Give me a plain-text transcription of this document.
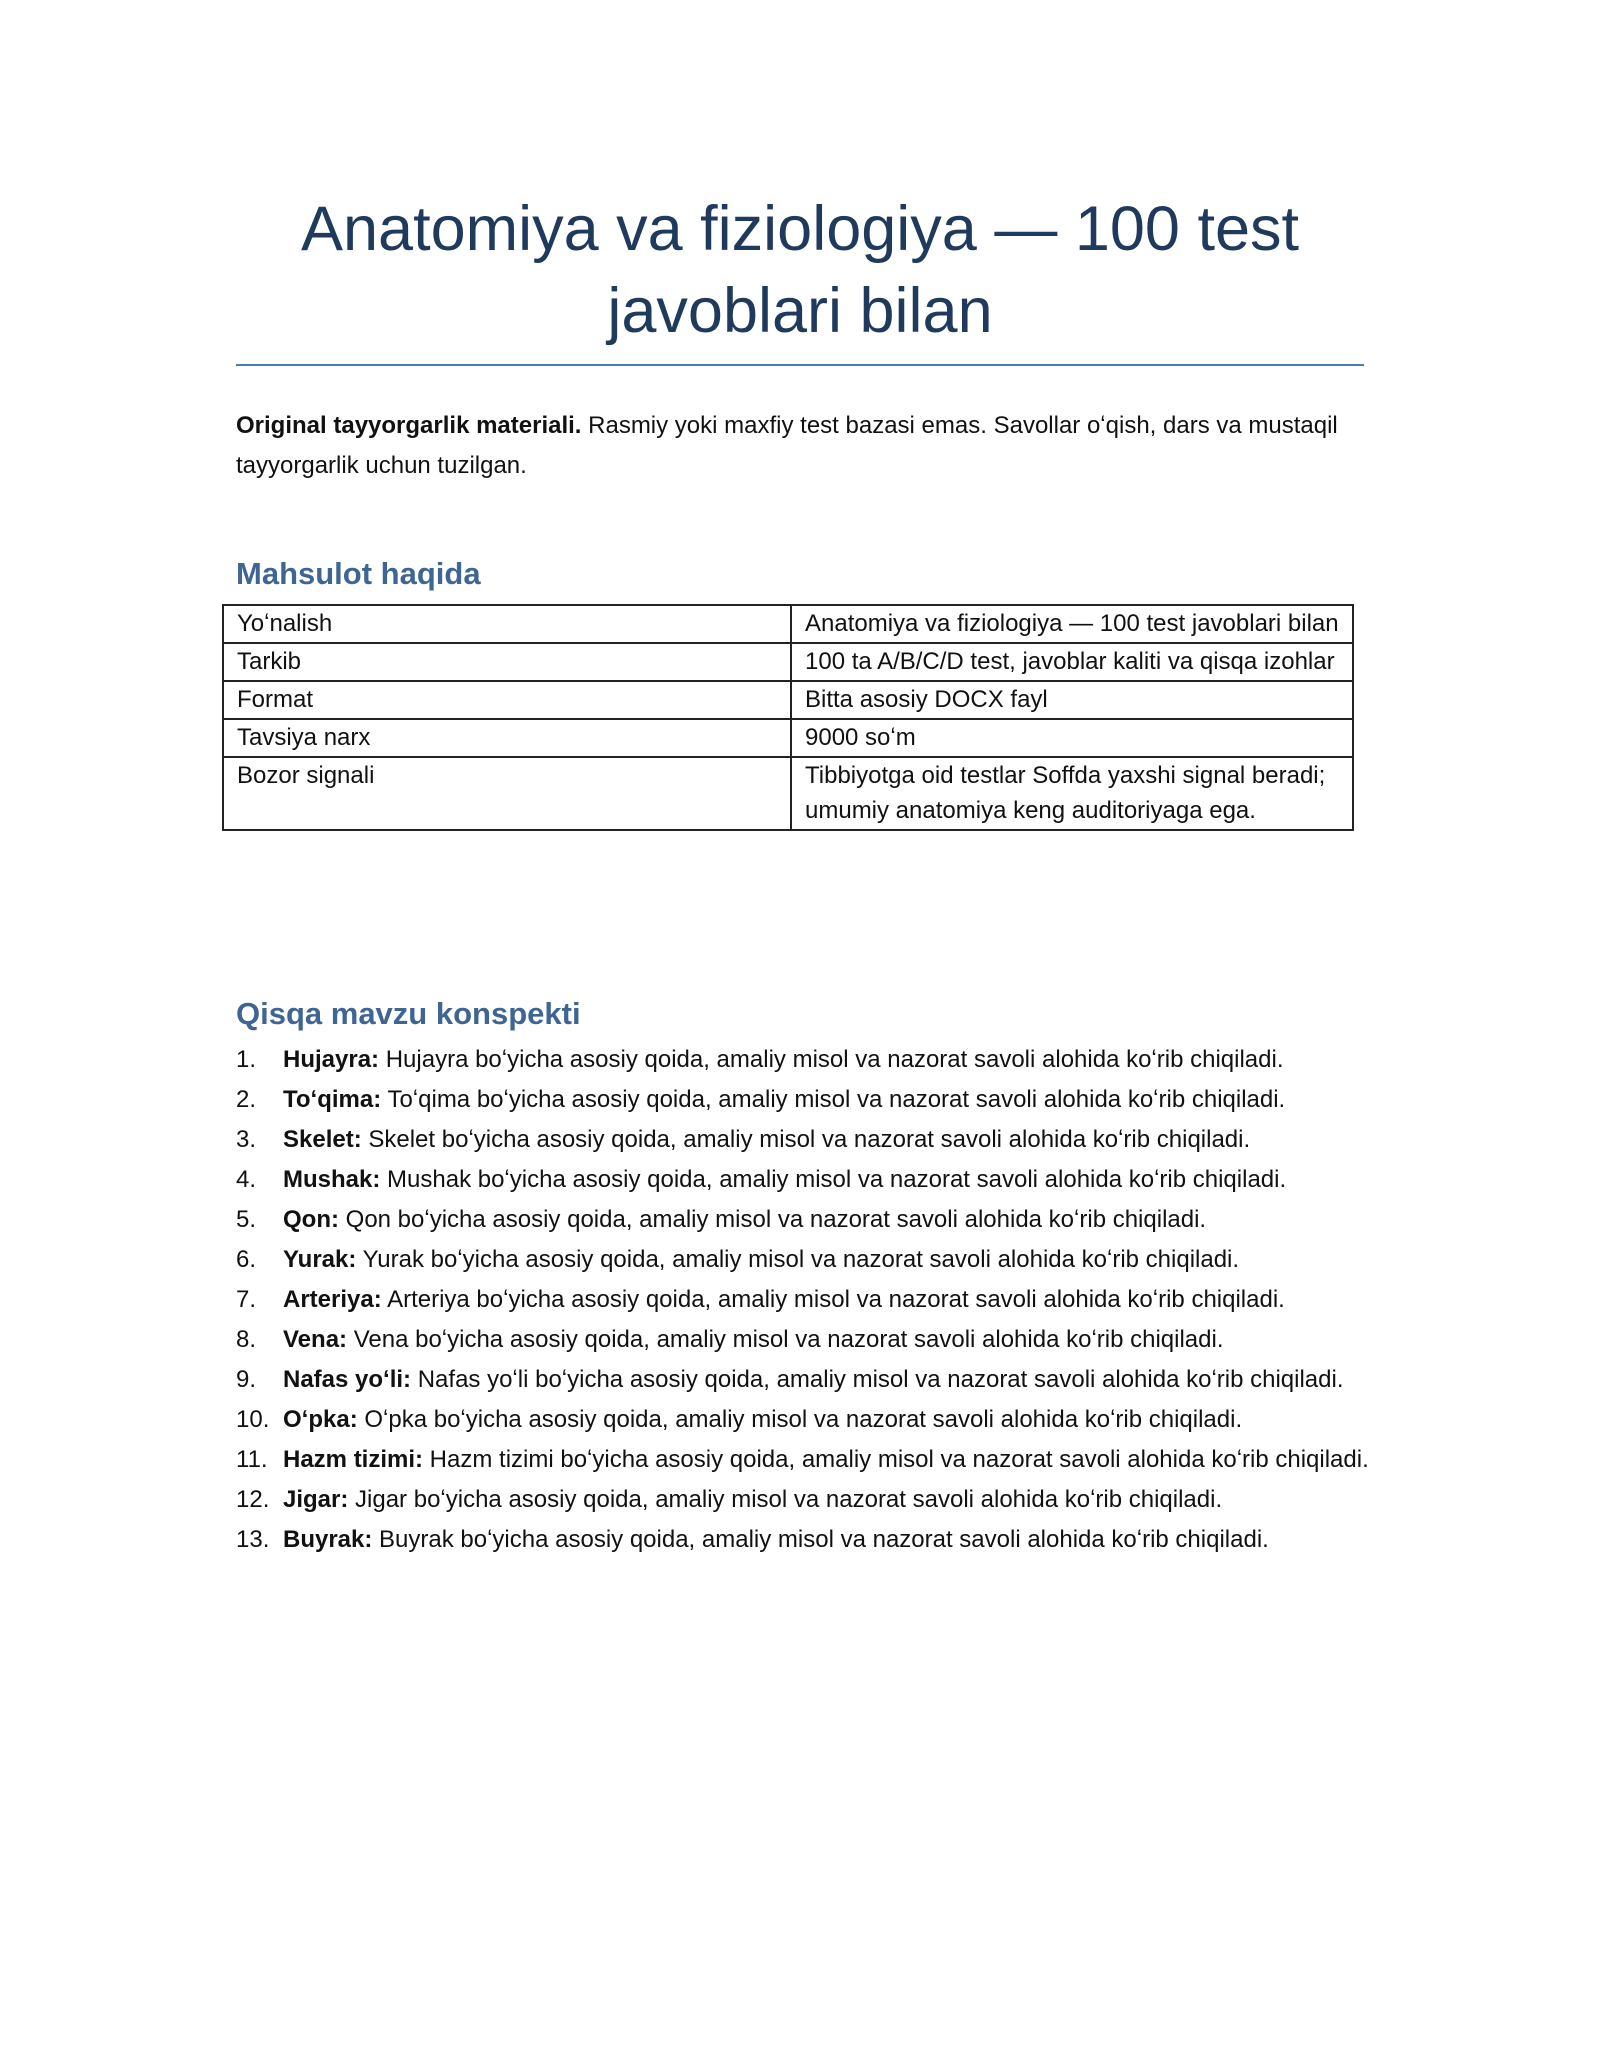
Anatomiya va fiziologiya — 100 test javoblari bilan

Original tayyorgarlik materiali. Rasmiy yoki maxfiy test bazasi emas. Savollar oʻqish, dars va mustaqil tayyorgarlik uchun tuzilgan.

Mahsulot haqida
Yoʻnalish	Anatomiya va fiziologiya — 100 test javoblari bilan
Tarkib	100 ta A/B/C/D test, javoblar kaliti va qisqa izohlar
Format	Bitta asosiy DOCX fayl
Tavsiya narx	9000 soʻm
Bozor signali	Tibbiyotga oid testlar Soffda yaxshi signal beradi; umumiy anatomiya keng auditoriyaga ega.
Qisqa mavzu konspekti
1. Hujayra: Hujayra boʻyicha asosiy qoida, amaliy misol va nazorat savoli alohida koʻrib chiqiladi.
2. Toʻqima: Toʻqima boʻyicha asosiy qoida, amaliy misol va nazorat savoli alohida koʻrib chiqiladi.
3. Skelet: Skelet boʻyicha asosiy qoida, amaliy misol va nazorat savoli alohida koʻrib chiqiladi.
4. Mushak: Mushak boʻyicha asosiy qoida, amaliy misol va nazorat savoli alohida koʻrib chiqiladi.
5. Qon: Qon boʻyicha asosiy qoida, amaliy misol va nazorat savoli alohida koʻrib chiqiladi.
6. Yurak: Yurak boʻyicha asosiy qoida, amaliy misol va nazorat savoli alohida koʻrib chiqiladi.
7. Arteriya: Arteriya boʻyicha asosiy qoida, amaliy misol va nazorat savoli alohida koʻrib chiqiladi.
8. Vena: Vena boʻyicha asosiy qoida, amaliy misol va nazorat savoli alohida koʻrib chiqiladi.
9. Nafas yoʻli: Nafas yoʻli boʻyicha asosiy qoida, amaliy misol va nazorat savoli alohida koʻrib chiqiladi.
10. Oʻpka: Oʻpka boʻyicha asosiy qoida, amaliy misol va nazorat savoli alohida koʻrib chiqiladi.
11. Hazm tizimi: Hazm tizimi boʻyicha asosiy qoida, amaliy misol va nazorat savoli alohida koʻrib chiqiladi.
12. Jigar: Jigar boʻyicha asosiy qoida, amaliy misol va nazorat savoli alohida koʻrib chiqiladi.
13. Buyrak: Buyrak boʻyicha asosiy qoida, amaliy misol va nazorat savoli alohida koʻrib chiqiladi.
